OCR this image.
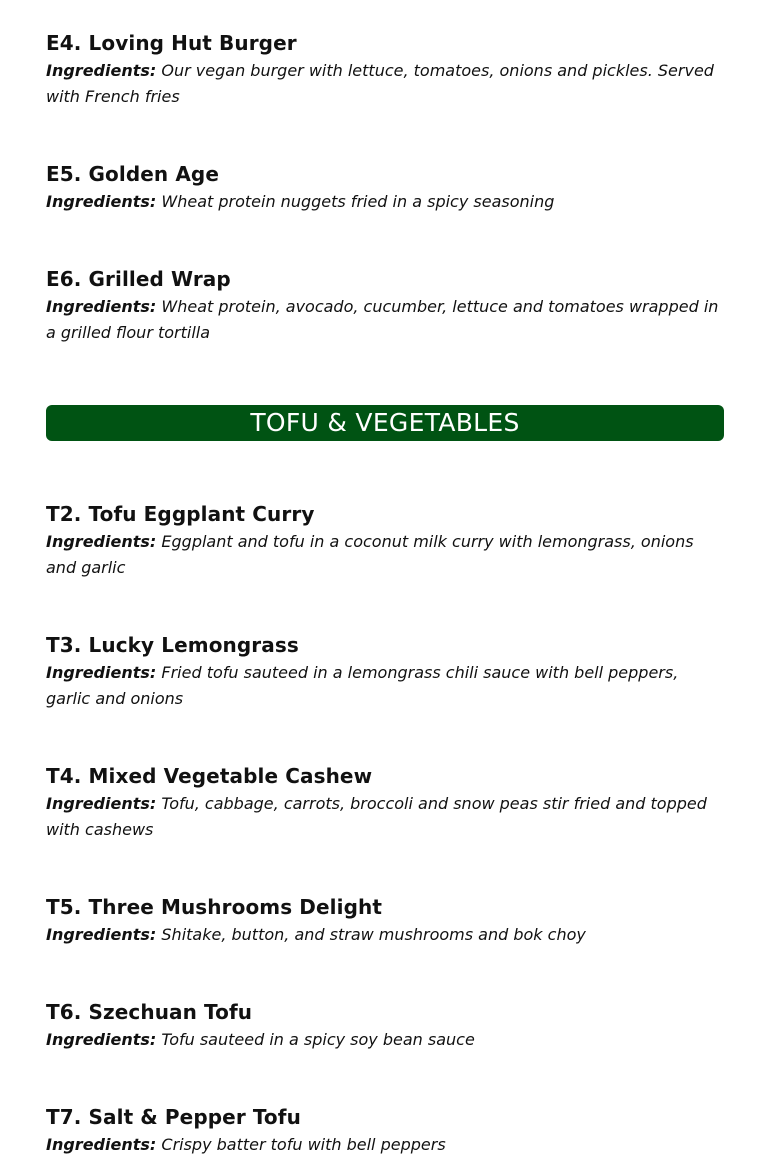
E4. Loving Hut Burger

Ingredients: Our vegan burger with lettuce, tomatoes, onions and pickles. Served with French fries

E5. Golden Age

Ingredients: Wheat protein nuggets fried in a spicy seasoning

E6. Grilled Wrap

Ingredients: Wheat protein, avocado, cucumber, lettuce and tomatoes wrapped in a grilled flour tortilla

TOFU & VEGETABLES
T2. Tofu Eggplant Curry

Ingredients: Eggplant and tofu in a coconut milk curry with lemongrass, onions and garlic

T3. Lucky Lemongrass

Ingredients: Fried tofu sauteed in a lemongrass chili sauce with bell peppers, garlic and onions

T4. Mixed Vegetable Cashew

Ingredients: Tofu, cabbage, carrots, broccoli and snow peas stir fried and topped with cashews

T5. Three Mushrooms Delight

Ingredients: Shitake, button, and straw mushrooms and bok choy

T6. Szechuan Tofu

Ingredients: Tofu sauteed in a spicy soy bean sauce

T7. Salt & Pepper Tofu

Ingredients: Crispy batter tofu with bell peppers
